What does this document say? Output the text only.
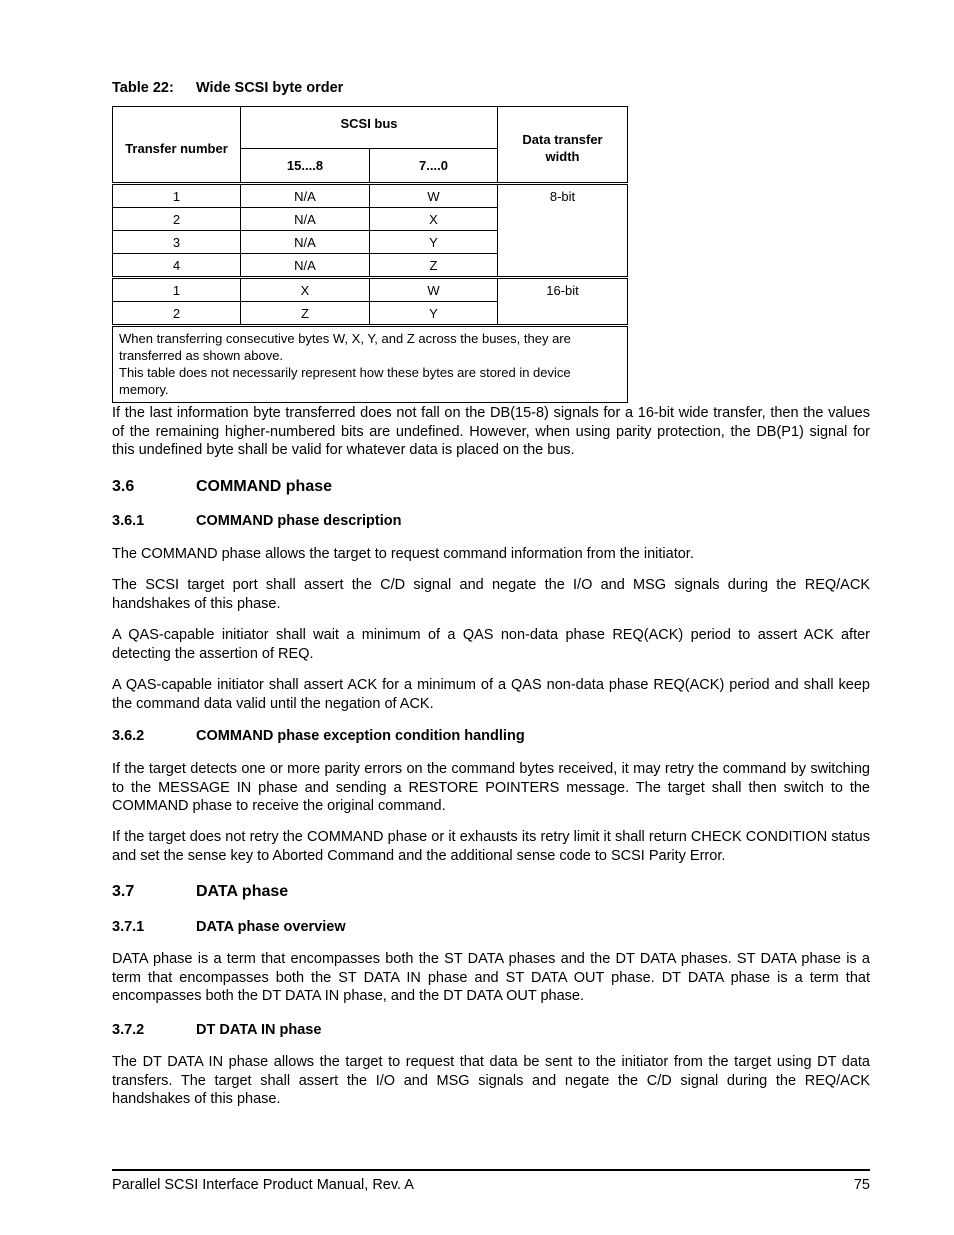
Table 22: Wide SCSI byte order
Transfer number	SCSI bus		Data transfer width
	15....8	7....0	
1	N/A	W	8-bit
2	N/A	X	
3	N/A	Y	
4	N/A	Z	
1	X	W	16-bit
2	Z	Y	

When transferring consecutive bytes W, X, Y, and Z across the buses, they are transferred as shown above.
This table does not necessarily represent how these bytes are stored in device memory.			

If the last information byte transferred does not fall on the DB(15-8) signals for a 16-bit wide transfer, then the values of the remaining higher-numbered bits are undefined. However, when using parity protection, the DB(P1) signal for this undefined byte shall be valid for whatever data is placed on the bus.

3.6	COMMAND phase
3.6.1	COMMAND phase description

The COMMAND phase allows the target to request command information from the initiator.

The SCSI target port shall assert the C/D signal and negate the I/O and MSG signals during the REQ/ACK handshakes of this phase.

A QAS-capable initiator shall wait a minimum of a QAS non-data phase REQ(ACK) period to assert ACK after detecting the assertion of REQ.

A QAS-capable initiator shall assert ACK for a minimum of a QAS non-data phase REQ(ACK) period and shall keep the command data valid until the negation of ACK.

3.6.2	COMMAND phase exception condition handling

If the target detects one or more parity errors on the command bytes received, it may retry the command by switching to the MESSAGE IN phase and sending a RESTORE POINTERS message. The target shall then switch to the COMMAND phase to receive the original command.

If the target does not retry the COMMAND phase or it exhausts its retry limit it shall return CHECK CONDITION status and set the sense key to Aborted Command and the additional sense code to SCSI Parity Error.

3.7	DATA phase
3.7.1	DATA phase overview

DATA phase is a term that encompasses both the ST DATA phases and the DT DATA phases. ST DATA phase is a term that encompasses both the ST DATA IN phase and ST DATA OUT phase. DT DATA phase is a term that encompasses both the DT DATA IN phase, and the DT DATA OUT phase.

3.7.2	DT DATA IN phase

The DT DATA IN phase allows the target to request that data be sent to the initiator from the target using DT data transfers. The target shall assert the I/O and MSG signals and negate the C/D signal during the REQ/ACK handshakes of this phase.

Parallel SCSI Interface Product Manual, Rev. A	75
